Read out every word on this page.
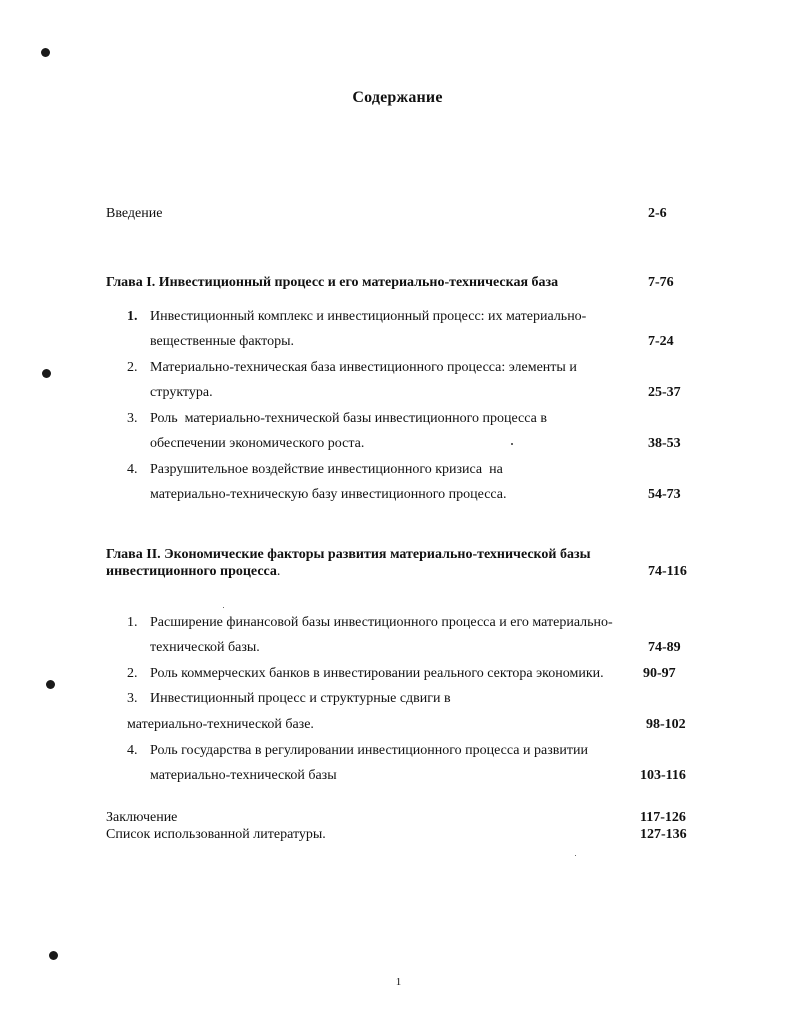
Содержание
Введение	2-6
Глава I. Инвестиционный процесс и его материально-техническая база	7-76
1. Инвестиционный комплекс и инвестиционный процесс: их материально-
вещественные факторы.	7-24
2. Материально-техническая база инвестиционного процесса: элементы и
структура.	25-37
3. Роль  материально-технической базы инвестиционного процесса в
обеспечении экономического роста.	38-53
4. Разрушительное воздействие инвестиционного кризиса  на
материально-техническую базу инвестиционного процесса.	54-73
Глава II. Экономические факторы развития материально-технической базы
инвестиционного процесса.	74-116
1. Расширение финансовой базы инвестиционного процесса и его материально-
технической базы.	74-89
2. Роль коммерческих банков в инвестировании реального сектора экономики.	90-97
3. Инвестиционный процесс и структурные сдвиги в
материально-технической базе.	98-102
4. Роль государства в регулировании инвестиционного процесса и развитии
материально-технической базы	103-116
Заключение	117-126
Список использованной литературы.	127-136
1
